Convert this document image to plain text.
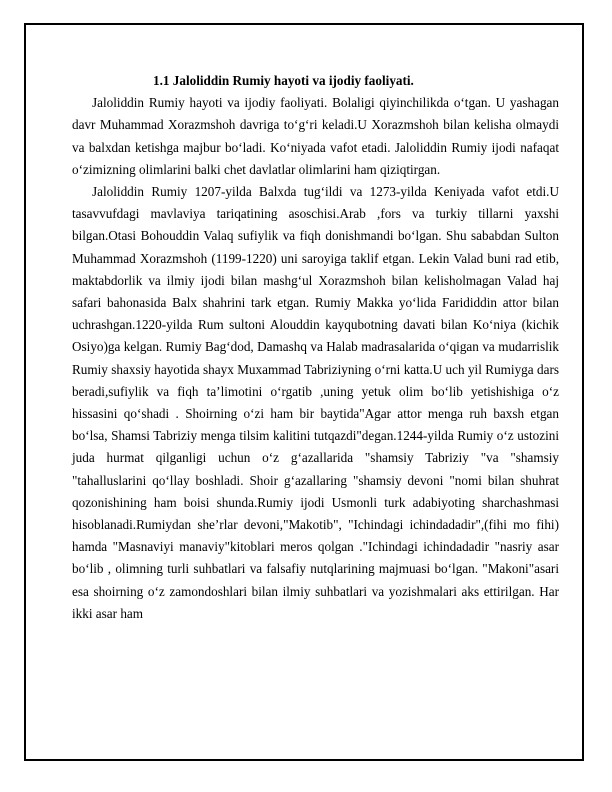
1.1 Jaloliddin Rumiy hayoti va ijodiy faoliyati.

Jaloliddin Rumiy hayoti va ijodiy faoliyati. Bolaligi qiyinchilikda o‘tgan. U yashagan davr Muhammad Xorazmshoh davriga to‘g‘ri keladi.U Xorazmshoh bilan kelisha olmaydi va balxdan ketishga majbur bo‘ladi. Ko‘niyada vafot etadi. Jaloliddin Rumiy ijodi nafaqat o‘zimizning olimlarini balki chet davlatlar olimlarini ham qiziqtirgan.

Jaloliddin Rumiy 1207-yilda Balxda tug‘ildi va 1273-yilda Keniyada vafot etdi.U tasavvufdagi mavlaviya tariqatining asoschisi.Arab ,fors va turkiy tillarni yaxshi bilgan.Otasi Bohouddin Valaq sufiylik va fiqh donishmandi bo‘lgan. Shu sababdan Sulton Muhammad Xorazmshoh (1199-1220) uni saroyiga taklif etgan. Lekin Valad buni rad etib, maktabdorlik va ilmiy ijodi bilan mashg‘ul Xorazmshoh bilan kelisholmagan Valad haj safari bahonasida Balx shahrini tark etgan. Rumiy Makka yo‘lida Farididdin attor bilan uchrashgan.1220-yilda Rum sultoni Alouddin kayqubotning davati bilan Ko‘niya (kichik Osiyo)ga kelgan. Rumiy Bag‘dod, Damashq va Halab madrasalarida o‘qigan va mudarrislik Rumiy shaxsiy hayotida shayx Muxammad Tabriziyning o‘rni katta.U uch yil Rumiyga dars beradi,sufiylik va fiqh ta’limotini o‘rgatib ,uning yetuk olim bo‘lib yetishishiga o‘z hissasini qo‘shadi . Shoirning o‘zi ham bir baytida"Agar attor menga ruh baxsh etgan bo‘lsa, Shamsi Tabriziy menga tilsim kalitini tutqazdi"degan.1244-yilda Rumiy o‘z ustozini juda hurmat qilganligi uchun o‘z g‘azallarida "shamsiy Tabriziy "va "shamsiy "tahalluslarini qo‘llay boshladi. Shoir g‘azallaring "shamsiy devoni "nomi bilan shuhrat qozonishining ham boisi shunda.Rumiy ijodi Usmonli turk adabiyoting sharchashmasi hisoblanadi.Rumiydan she’rlar devoni,"Makotib", "Ichindagi ichindadadir",(fihi mo fihi) hamda "Masnaviyi manaviy"kitoblari meros qolgan ."Ichindagi ichindadadir "nasriy asar bo‘lib , olimning turli suhbatlari va falsafiy nutqlarining majmuasi bo‘lgan. "Makoni"asari esa shoirning o‘z zamondoshlari bilan ilmiy suhbatlari va yozishmalari aks ettirilgan. Har ikki asar ham
